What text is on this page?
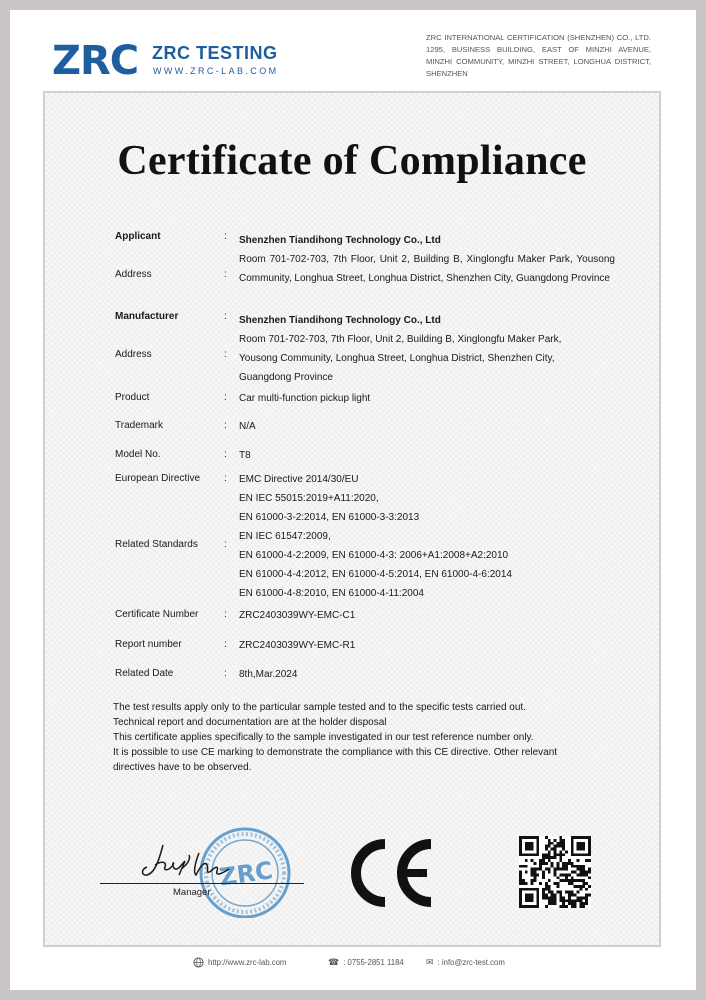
ZRC ZRC TESTING
WWW.ZRC-LAB.COM
ZRC INTERNATIONAL CERTIFICATION (SHENZHEN) CO., LTD. 1295, BUSINESS BUILDING, EAST OF MINZHI AVENUE, MINZHI COMMUNITY, MINZHI STREET, LONGHUA DISTRICT, SHENZHEN
Certificate of Compliance
Applicant	: Shenzhen Tiandihong Technology Co., Ltd
Address	:
Room 701-702-703, 7th Floor, Unit 2, Building B, Xinglongfu Maker Park, Yousong Community, Longhua Street, Longhua District, Shenzhen City, Guangdong Province
Manufacturer	: Shenzhen Tiandihong Technology Co., Ltd
Address	:
Room 701-702-703, 7th Floor, Unit 2, Building B, Xinglongfu Maker Park, Yousong Community, Longhua Street, Longhua District, Shenzhen City, Guangdong Province
Product	: Car multi-function pickup light
Trademark	: N/A
Model No.	: T8
European Directive : EMC Directive 2014/30/EU
Related Standards	:
EN IEC 55015:2019+A11:2020,
EN 61000-3-2:2014, EN 61000-3-3:2013
EN IEC 61547:2009,
EN 61000-4-2:2009, EN 61000-4-3: 2006+A1:2008+A2:2010
EN 61000-4-4:2012, EN 61000-4-5:2014, EN 61000-4-6:2014
EN 61000-4-8:2010, EN 61000-4-11:2004
Certificate Number	: ZRC2403039WY-EMC-C1
Report number	: ZRC2403039WY-EMC-R1
Related Date	: 8th,Mar.2024

The test results apply only to the particular sample tested and to the specific tests carried out.

Technical report and documentation are at the holder disposal

This certificate applies specifically to the sample investigated in our test reference number only.

It is possible to use CE marking to demonstrate the compliance with this CE directive. Other relevant directives have to be observed.

ZRC
Manager
http://www.zrc-lab.com	☎ : 0755-2851 1184 ✉ : info@zrc-test.com
